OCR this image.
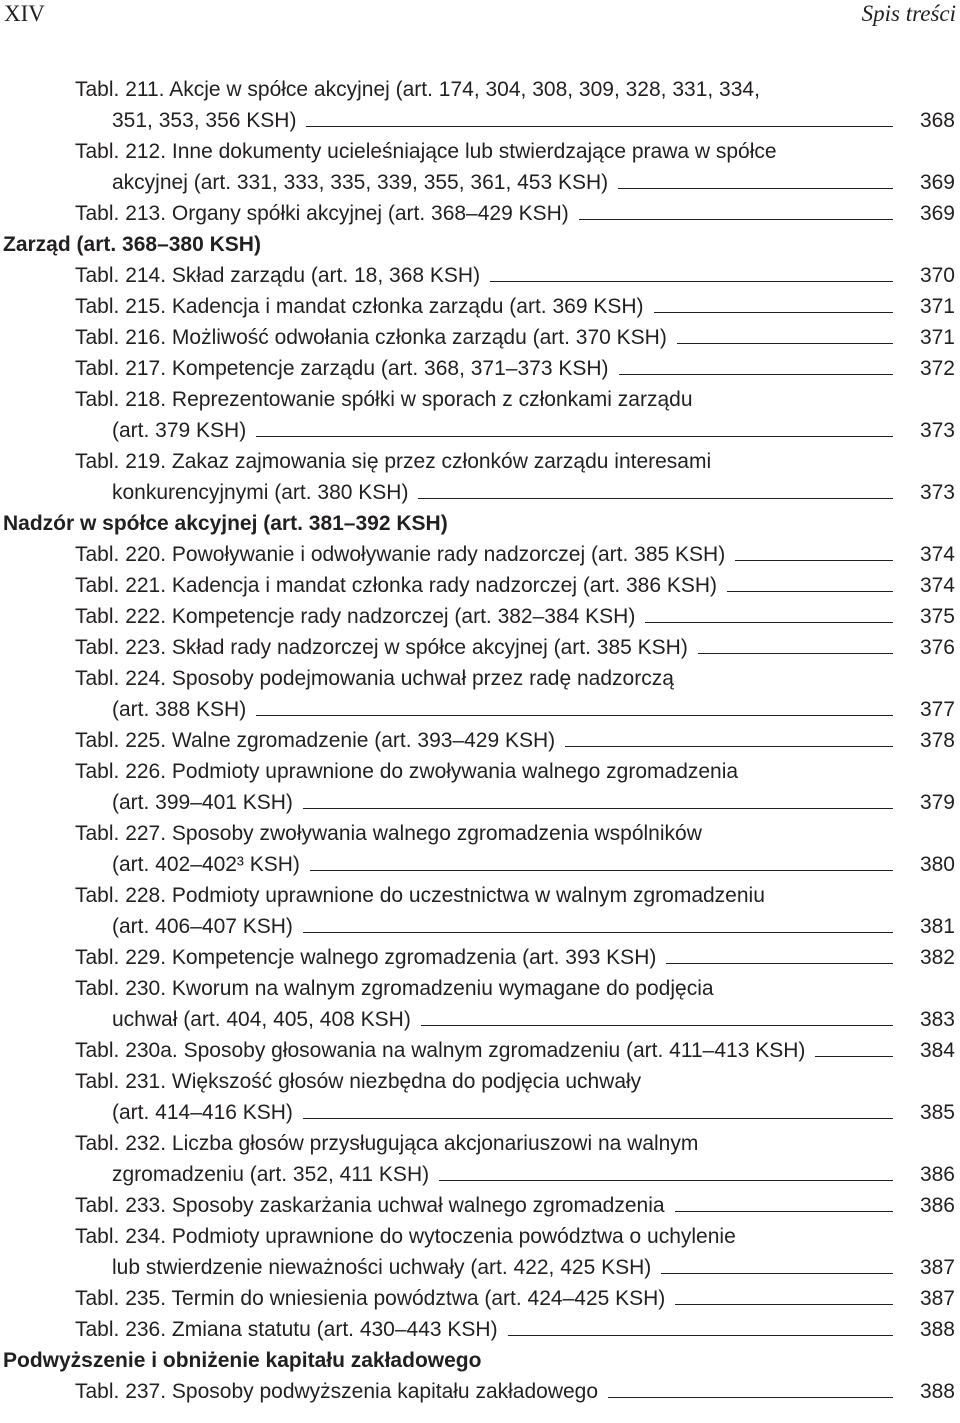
XIV	Spis treści
Tabl. 211. Akcje w spółce akcyjnej (art. 174, 304, 308, 309, 328, 331, 334,
351, 353, 356 KSH)	368
Tabl. 212. Inne dokumenty ucieleśniające lub stwierdzające prawa w spółce
akcyjnej (art. 331, 333, 335, 339, 355, 361, 453 KSH)	369
Tabl. 213. Organy spółki akcyjnej (art. 368–429 KSH)	369
Zarząd (art. 368–380 KSH)
Tabl. 214. Skład zarządu (art. 18, 368 KSH)	370
Tabl. 215. Kadencja i mandat członka zarządu (art. 369 KSH)	371
Tabl. 216. Możliwość odwołania członka zarządu (art. 370 KSH)	371
Tabl. 217. Kompetencje zarządu (art. 368, 371–373 KSH)	372
Tabl. 218. Reprezentowanie spółki w sporach z członkami zarządu
(art. 379 KSH)	373
Tabl. 219. Zakaz zajmowania się przez członków zarządu interesami
konkurencyjnymi (art. 380 KSH)	373
Nadzór w spółce akcyjnej (art. 381–392 KSH)
Tabl. 220. Powoływanie i odwoływanie rady nadzorczej (art. 385 KSH)	374
Tabl. 221. Kadencja i mandat członka rady nadzorczej (art. 386 KSH)	374
Tabl. 222. Kompetencje rady nadzorczej (art. 382–384 KSH)	375
Tabl. 223. Skład rady nadzorczej w spółce akcyjnej (art. 385 KSH)	376
Tabl. 224. Sposoby podejmowania uchwał przez radę nadzorczą
(art. 388 KSH)	377
Tabl. 225. Walne zgromadzenie (art. 393–429 KSH)	378
Tabl. 226. Podmioty uprawnione do zwoływania walnego zgromadzenia
(art. 399–401 KSH)	379
Tabl. 227. Sposoby zwoływania walnego zgromadzenia wspólników
(art. 402–402³ KSH)	380
Tabl. 228. Podmioty uprawnione do uczestnictwa w walnym zgromadzeniu
(art. 406–407 KSH)	381
Tabl. 229. Kompetencje walnego zgromadzenia (art. 393 KSH)	382
Tabl. 230. Kworum na walnym zgromadzeniu wymagane do podjęcia
uchwał (art. 404, 405, 408 KSH)	383
Tabl. 230a. Sposoby głosowania na walnym zgromadzeniu (art. 411–413 KSH)	384
Tabl. 231. Większość głosów niezbędna do podjęcia uchwały
(art. 414–416 KSH)	385
Tabl. 232. Liczba głosów przysługująca akcjonariuszowi na walnym
zgromadzeniu (art. 352, 411 KSH)	386
Tabl. 233. Sposoby zaskarżania uchwał walnego zgromadzenia	386
Tabl. 234. Podmioty uprawnione do wytoczenia powództwa o uchylenie
lub stwierdzenie nieważności uchwały (art. 422, 425 KSH)	387
Tabl. 235. Termin do wniesienia powództwa (art. 424–425 KSH)	387
Tabl. 236. Zmiana statutu (art. 430–443 KSH)	388
Podwyższenie i obniżenie kapitału zakładowego
Tabl. 237. Sposoby podwyższenia kapitału zakładowego	388
